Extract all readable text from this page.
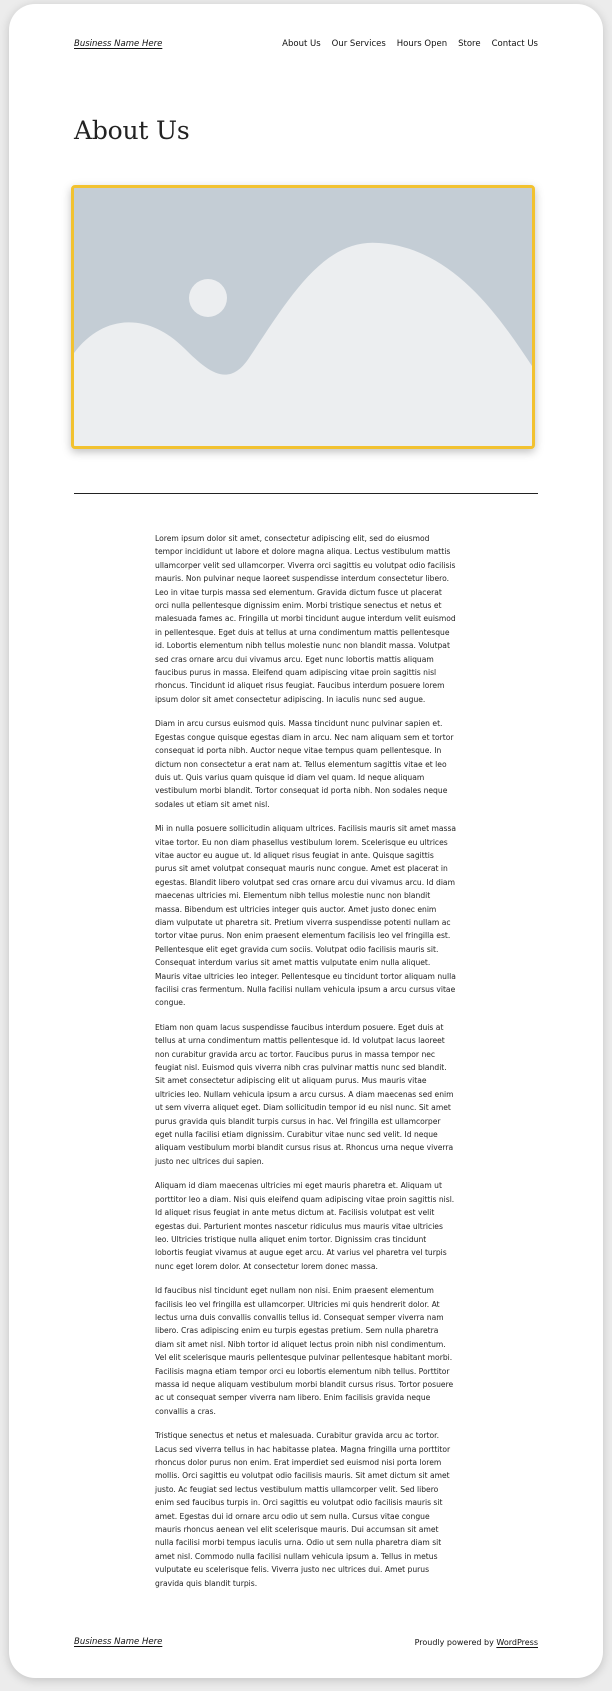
Business Name Here	About Us Our Services Hours Open Store Contact Us
About Us

Lorem ipsum dolor sit amet, consectetur adipiscing elit, sed do eiusmod tempor incididunt ut labore et dolore magna aliqua. Lectus vestibulum mattis ullamcorper velit sed ullamcorper. Viverra orci sagittis eu volutpat odio facilisis mauris. Non pulvinar neque laoreet suspendisse interdum consectetur libero. Leo in vitae turpis massa sed elementum. Gravida dictum fusce ut placerat orci nulla pellentesque dignissim enim. Morbi tristique senectus et netus et malesuada fames ac. Fringilla ut morbi tincidunt augue interdum velit euismod in pellentesque. Eget duis at tellus at urna condimentum mattis pellentesque id. Lobortis elementum nibh tellus molestie nunc non blandit massa. Volutpat sed cras ornare arcu dui vivamus arcu. Eget nunc lobortis mattis aliquam faucibus purus in massa. Eleifend quam adipiscing vitae proin sagittis nisl rhoncus. Tincidunt id aliquet risus feugiat. Faucibus interdum posuere lorem ipsum dolor sit amet consectetur adipiscing. In iaculis nunc sed augue.

Diam in arcu cursus euismod quis. Massa tincidunt nunc pulvinar sapien et. Egestas congue quisque egestas diam in arcu. Nec nam aliquam sem et tortor consequat id porta nibh. Auctor neque vitae tempus quam pellentesque. In dictum non consectetur a erat nam at. Tellus elementum sagittis vitae et leo duis ut. Quis varius quam quisque id diam vel quam. Id neque aliquam vestibulum morbi blandit. Tortor consequat id porta nibh. Non sodales neque sodales ut etiam sit amet nisl.

Mi in nulla posuere sollicitudin aliquam ultrices. Facilisis mauris sit amet massa vitae tortor. Eu non diam phasellus vestibulum lorem. Scelerisque eu ultrices vitae auctor eu augue ut. Id aliquet risus feugiat in ante. Quisque sagittis purus sit amet volutpat consequat mauris nunc congue. Amet est placerat in egestas. Blandit libero volutpat sed cras ornare arcu dui vivamus arcu. Id diam maecenas ultricies mi. Elementum nibh tellus molestie nunc non blandit massa. Bibendum est ultricies integer quis auctor. Amet justo donec enim diam vulputate ut pharetra sit. Pretium viverra suspendisse potenti nullam ac tortor vitae purus. Non enim praesent elementum facilisis leo vel fringilla est. Pellentesque elit eget gravida cum sociis. Volutpat odio facilisis mauris sit. Consequat interdum varius sit amet mattis vulputate enim nulla aliquet. Mauris vitae ultricies leo integer. Pellentesque eu tincidunt tortor aliquam nulla facilisi cras fermentum. Nulla facilisi nullam vehicula ipsum a arcu cursus vitae congue.

Etiam non quam lacus suspendisse faucibus interdum posuere. Eget duis at tellus at urna condimentum mattis pellentesque id. Id volutpat lacus laoreet non curabitur gravida arcu ac tortor. Faucibus purus in massa tempor nec feugiat nisl. Euismod quis viverra nibh cras pulvinar mattis nunc sed blandit. Sit amet consectetur adipiscing elit ut aliquam purus. Mus mauris vitae ultricies leo. Nullam vehicula ipsum a arcu cursus. A diam maecenas sed enim ut sem viverra aliquet eget. Diam sollicitudin tempor id eu nisl nunc. Sit amet purus gravida quis blandit turpis cursus in hac. Vel fringilla est ullamcorper eget nulla facilisi etiam dignissim. Curabitur vitae nunc sed velit. Id neque aliquam vestibulum morbi blandit cursus risus at. Rhoncus urna neque viverra justo nec ultrices dui sapien.

Aliquam id diam maecenas ultricies mi eget mauris pharetra et. Aliquam ut porttitor leo a diam. Nisi quis eleifend quam adipiscing vitae proin sagittis nisl. Id aliquet risus feugiat in ante metus dictum at. Facilisis volutpat est velit egestas dui. Parturient montes nascetur ridiculus mus mauris vitae ultricies leo. Ultricies tristique nulla aliquet enim tortor. Dignissim cras tincidunt lobortis feugiat vivamus at augue eget arcu. At varius vel pharetra vel turpis nunc eget lorem dolor. At consectetur lorem donec massa.

Id faucibus nisl tincidunt eget nullam non nisi. Enim praesent elementum facilisis leo vel fringilla est ullamcorper. Ultricies mi quis hendrerit dolor. At lectus urna duis convallis convallis tellus id. Consequat semper viverra nam libero. Cras adipiscing enim eu turpis egestas pretium. Sem nulla pharetra diam sit amet nisl. Nibh tortor id aliquet lectus proin nibh nisl condimentum. Vel elit scelerisque mauris pellentesque pulvinar pellentesque habitant morbi. Facilisis magna etiam tempor orci eu lobortis elementum nibh tellus. Porttitor massa id neque aliquam vestibulum morbi blandit cursus risus. Tortor posuere ac ut consequat semper viverra nam libero. Enim facilisis gravida neque convallis a cras.

Tristique senectus et netus et malesuada. Curabitur gravida arcu ac tortor. Lacus sed viverra tellus in hac habitasse platea. Magna fringilla urna porttitor rhoncus dolor purus non enim. Erat imperdiet sed euismod nisi porta lorem mollis. Orci sagittis eu volutpat odio facilisis mauris. Sit amet dictum sit amet justo. Ac feugiat sed lectus vestibulum mattis ullamcorper velit. Sed libero enim sed faucibus turpis in. Orci sagittis eu volutpat odio facilisis mauris sit amet. Egestas dui id ornare arcu odio ut sem nulla. Cursus vitae congue mauris rhoncus aenean vel elit scelerisque mauris. Dui accumsan sit amet nulla facilisi morbi tempus iaculis urna. Odio ut sem nulla pharetra diam sit amet nisl. Commodo nulla facilisi nullam vehicula ipsum a. Tellus in metus vulputate eu scelerisque felis. Viverra justo nec ultrices dui. Amet purus gravida quis blandit turpis.

Business Name Here	Proudly powered by WordPress
